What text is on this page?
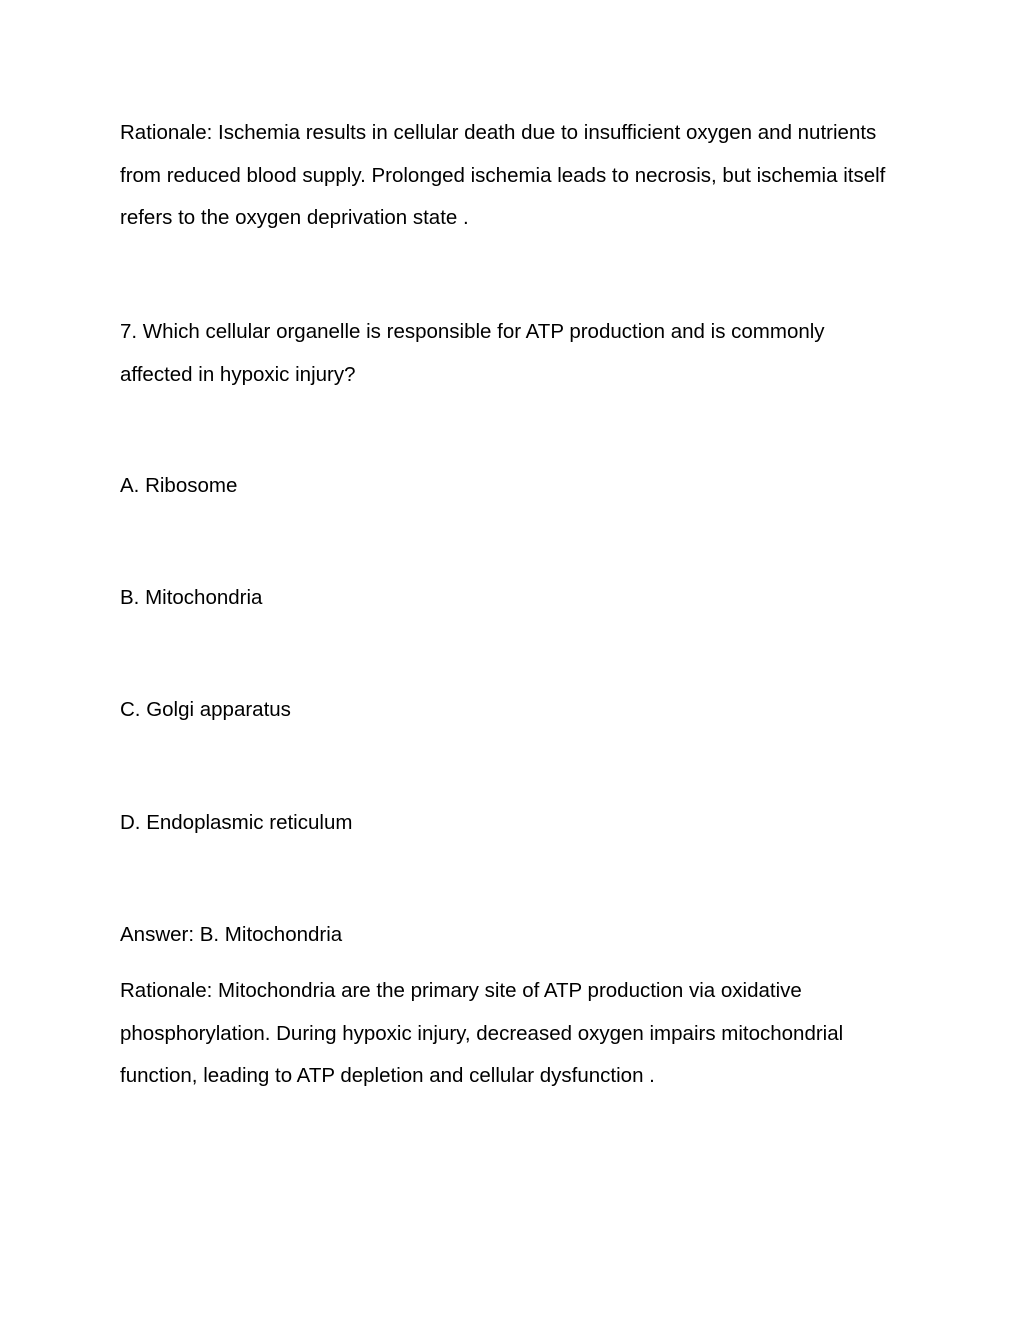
Rationale: Ischemia results in cellular death due to insufficient oxygen and nutrients from reduced blood supply. Prolonged ischemia leads to necrosis, but ischemia itself refers to the oxygen deprivation state .

7. Which cellular organelle is responsible for ATP production and is commonly affected in hypoxic injury?

A. Ribosome

B. Mitochondria

C. Golgi apparatus

D. Endoplasmic reticulum

Answer: B. Mitochondria

Rationale: Mitochondria are the primary site of ATP production via oxidative phosphorylation. During hypoxic injury, decreased oxygen impairs mitochondrial function, leading to ATP depletion and cellular dysfunction .
